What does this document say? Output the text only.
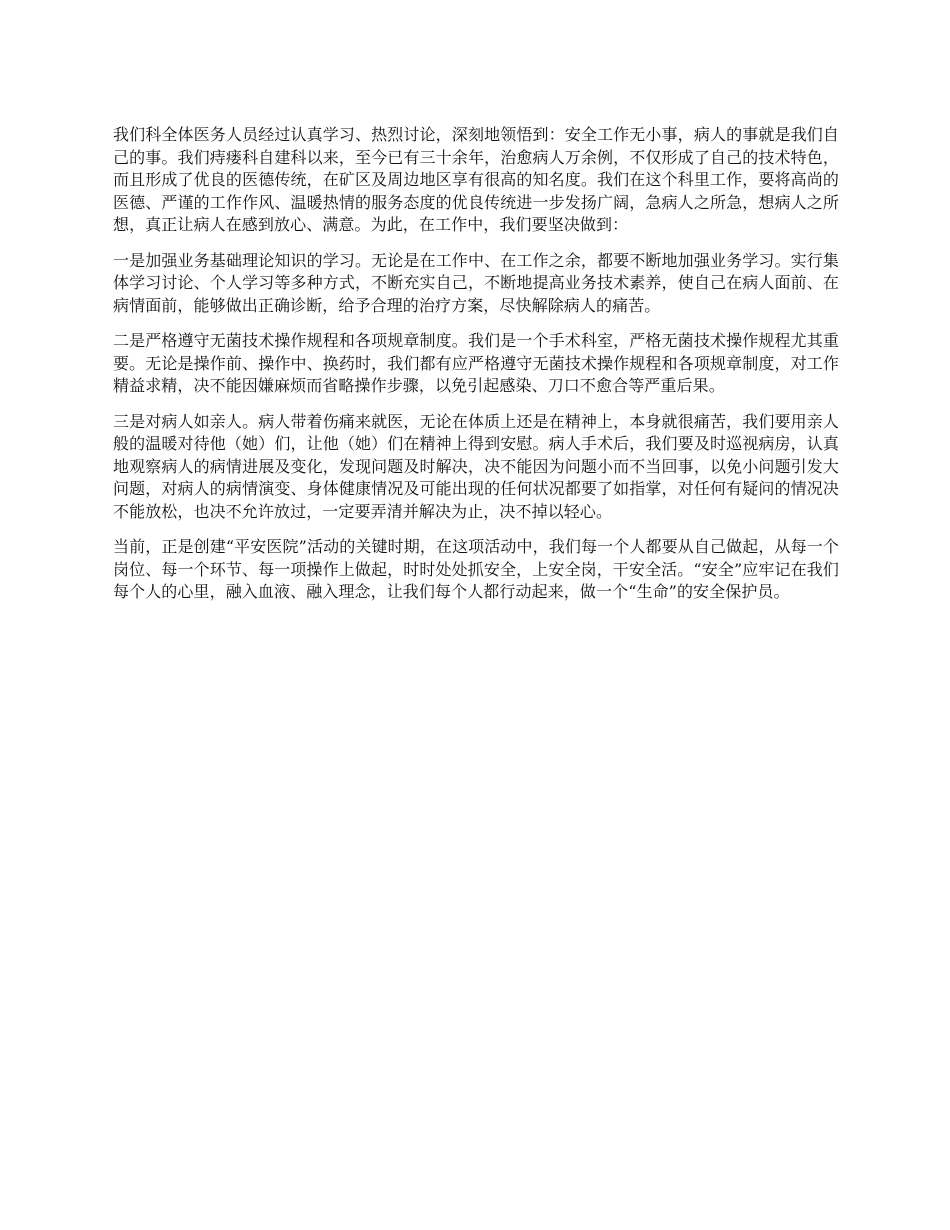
我们科全体医务人员经过认真学习、热烈讨论，深刻地领悟到：安全工作无小事，病人的事就是我们自己的事。我们痔瘘科自建科以来，至今已有三十余年，治愈病人万余例，不仅形成了自己的技术特色，而且形成了优良的医德传统，在矿区及周边地区享有很高的知名度。我们在这个科里工作，要将高尚的医德、严谨的工作作风、温暖热情的服务态度的优良传统进一步发扬广阔，急病人之所急，想病人之所想，真正让病人在感到放心、满意。为此，在工作中，我们要坚决做到：

一是加强业务基础理论知识的学习。无论是在工作中、在工作之余，都要不断地加强业务学习。实行集体学习讨论、个人学习等多种方式，不断充实自己，不断地提高业务技术素养，使自己在病人面前、在病情面前，能够做出正确诊断，给予合理的治疗方案，尽快解除病人的痛苦。

二是严格遵守无菌技术操作规程和各项规章制度。我们是一个手术科室，严格无菌技术操作规程尤其重要。无论是操作前、操作中、换药时，我们都有应严格遵守无菌技术操作规程和各项规章制度，对工作精益求精，决不能因嫌麻烦而省略操作步骤，以免引起感染、刀口不愈合等严重后果。

三是对病人如亲人。病人带着伤痛来就医，无论在体质上还是在精神上，本身就很痛苦，我们要用亲人般的温暖对待他（她）们，让他（她）们在精神上得到安慰。病人手术后，我们要及时巡视病房，认真地观察病人的病情进展及变化，发现问题及时解决，决不能因为问题小而不当回事，以免小问题引发大问题，对病人的病情演变、身体健康情况及可能出现的任何状况都要了如指掌，对任何有疑问的情况决不能放松，也决不允许放过，一定要弄清并解决为止，决不掉以轻心。

当前，正是创建“平安医院”活动的关键时期，在这项活动中，我们每一个人都要从自己做起，从每一个岗位、每一个环节、每一项操作上做起，时时处处抓安全，上安全岗，干安全活。“安全”应牢记在我们每个人的心里，融入血液、融入理念，让我们每个人都行动起来，做一个“生命”的安全保护员。
